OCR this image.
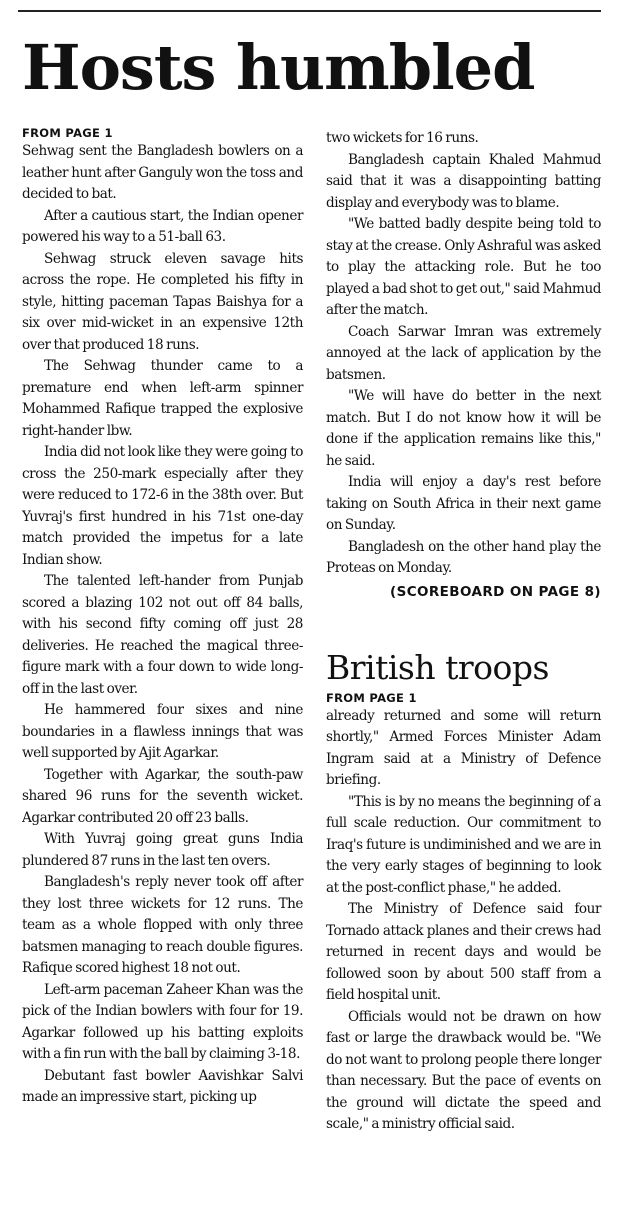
Hosts humbled
FROM PAGE 1

Sehwag sent the Bangladesh bowlers on a leather hunt after Ganguly won the toss and decided to bat.

After a cautious start, the Indian opener powered his way to a 51-ball 63.

Sehwag struck eleven savage hits across the rope. He completed his fifty in style, hitting paceman Tapas Baishya for a six over mid-wicket in an expensive 12th over that produced 18 runs.

The Sehwag thunder came to a premature end when left-arm spinner Mohammed Rafique trapped the explosive right-hander lbw.

India did not look like they were going to cross the 250-mark especially after they were reduced to 172-6 in the 38th over. But Yuvraj's first hundred in his 71st one-day match provided the impetus for a late Indian show.

The talented left-hander from Punjab scored a blazing 102 not out off 84 balls, with his second fifty coming off just 28 deliveries. He reached the magical three-figure mark with a four down to wide long-off in the last over.

He hammered four sixes and nine boundaries in a flawless innings that was well supported by Ajit Agarkar.

Together with Agarkar, the south-paw shared 96 runs for the seventh wicket. Agarkar contributed 20 off 23 balls.

With Yuvraj going great guns India plundered 87 runs in the last ten overs.

Bangladesh's reply never took off after they lost three wickets for 12 runs. The team as a whole flopped with only three batsmen managing to reach double figures. Rafique scored highest 18 not out.

Left-arm paceman Zaheer Khan was the pick of the Indian bowlers with four for 19. Agarkar followed up his batting exploits with a fin run with the ball by claiming 3-18.

Debutant fast bowler Aavishkar Salvi made an impressive start, picking up

two wickets for 16 runs.

Bangladesh captain Khaled Mahmud said that it was a disappointing batting display and everybody was to blame.

"We batted badly despite being told to stay at the crease. Only Ashraful was asked to play the attacking role. But he too played a bad shot to get out," said Mahmud after the match.

Coach Sarwar Imran was extremely annoyed at the lack of application by the batsmen.

"We will have do better in the next match. But I do not know how it will be done if the application remains like this," he said.

India will enjoy a day's rest before taking on South Africa in their next game on Sunday.

Bangladesh on the other hand play the Proteas on Monday.

(SCOREBOARD ON PAGE 8)
British troops
FROM PAGE 1

already returned and some will return shortly," Armed Forces Minister Adam Ingram said at a Ministry of Defence briefing.

"This is by no means the beginning of a full scale reduction. Our commitment to Iraq's future is undiminished and we are in the very early stages of beginning to look at the post-conflict phase," he added.

The Ministry of Defence said four Tornado attack planes and their crews had returned in recent days and would be followed soon by about 500 staff from a field hospital unit.

Officials would not be drawn on how fast or large the drawback would be. "We do not want to prolong people there longer than necessary. But the pace of events on the ground will dictate the speed and scale," a ministry official said.
